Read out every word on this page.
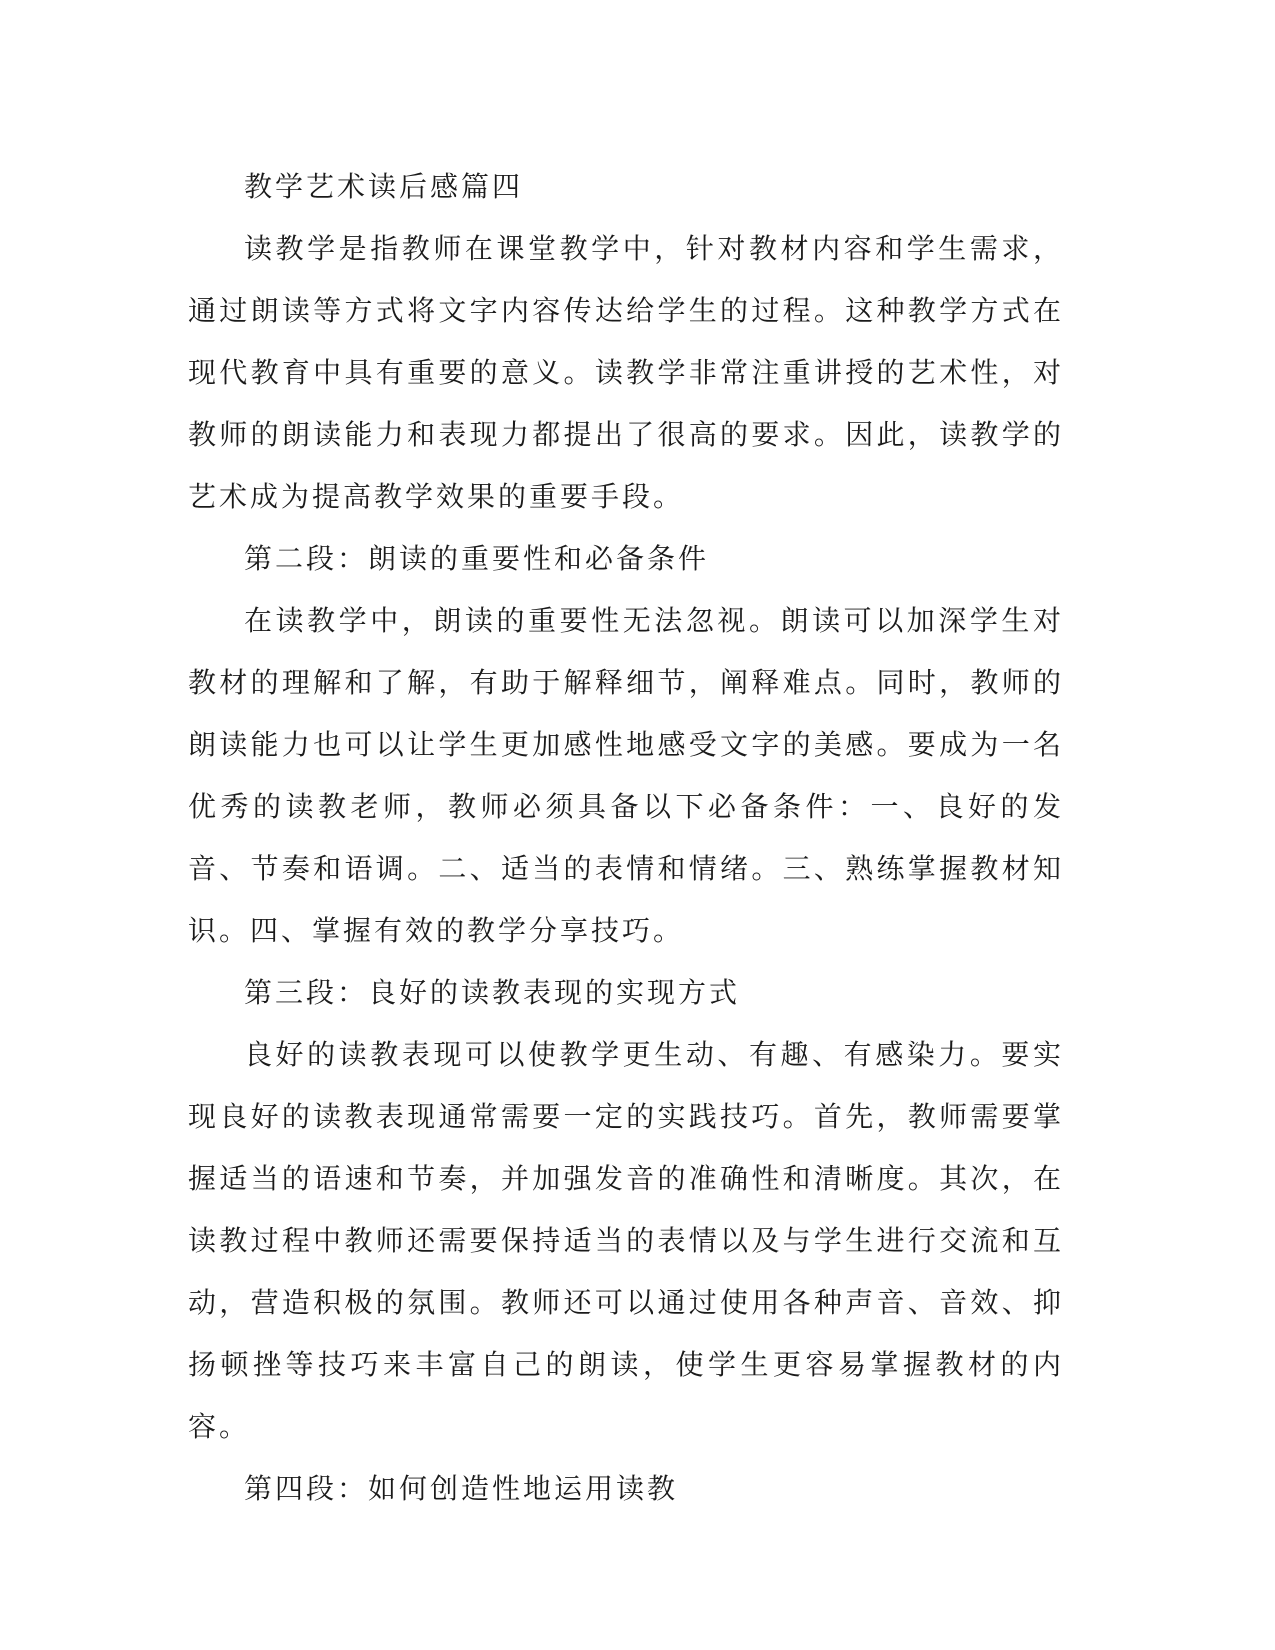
教学艺术读后感篇四

读教学是指教师在课堂教学中，针对教材内容和学生需求，通过朗读等方式将文字内容传达给学生的过程。这种教学方式在现代教育中具有重要的意义。读教学非常注重讲授的艺术性，对教师的朗读能力和表现力都提出了很高的要求。因此，读教学的艺术成为提高教学效果的重要手段。

第二段：朗读的重要性和必备条件

在读教学中，朗读的重要性无法忽视。朗读可以加深学生对教材的理解和了解，有助于解释细节，阐释难点。同时，教师的朗读能力也可以让学生更加感性地感受文字的美感。要成为一名优秀的读教老师，教师必须具备以下必备条件：一、良好的发音、节奏和语调。二、适当的表情和情绪。三、熟练掌握教材知识。四、掌握有效的教学分享技巧。

第三段：良好的读教表现的实现方式

良好的读教表现可以使教学更生动、有趣、有感染力。要实现良好的读教表现通常需要一定的实践技巧。首先，教师需要掌握适当的语速和节奏，并加强发音的准确性和清晰度。其次，在读教过程中教师还需要保持适当的表情以及与学生进行交流和互动，营造积极的氛围。教师还可以通过使用各种声音、音效、抑扬顿挫等技巧来丰富自己的朗读，使学生更容易掌握教材的内容。

第四段：如何创造性地运用读教
